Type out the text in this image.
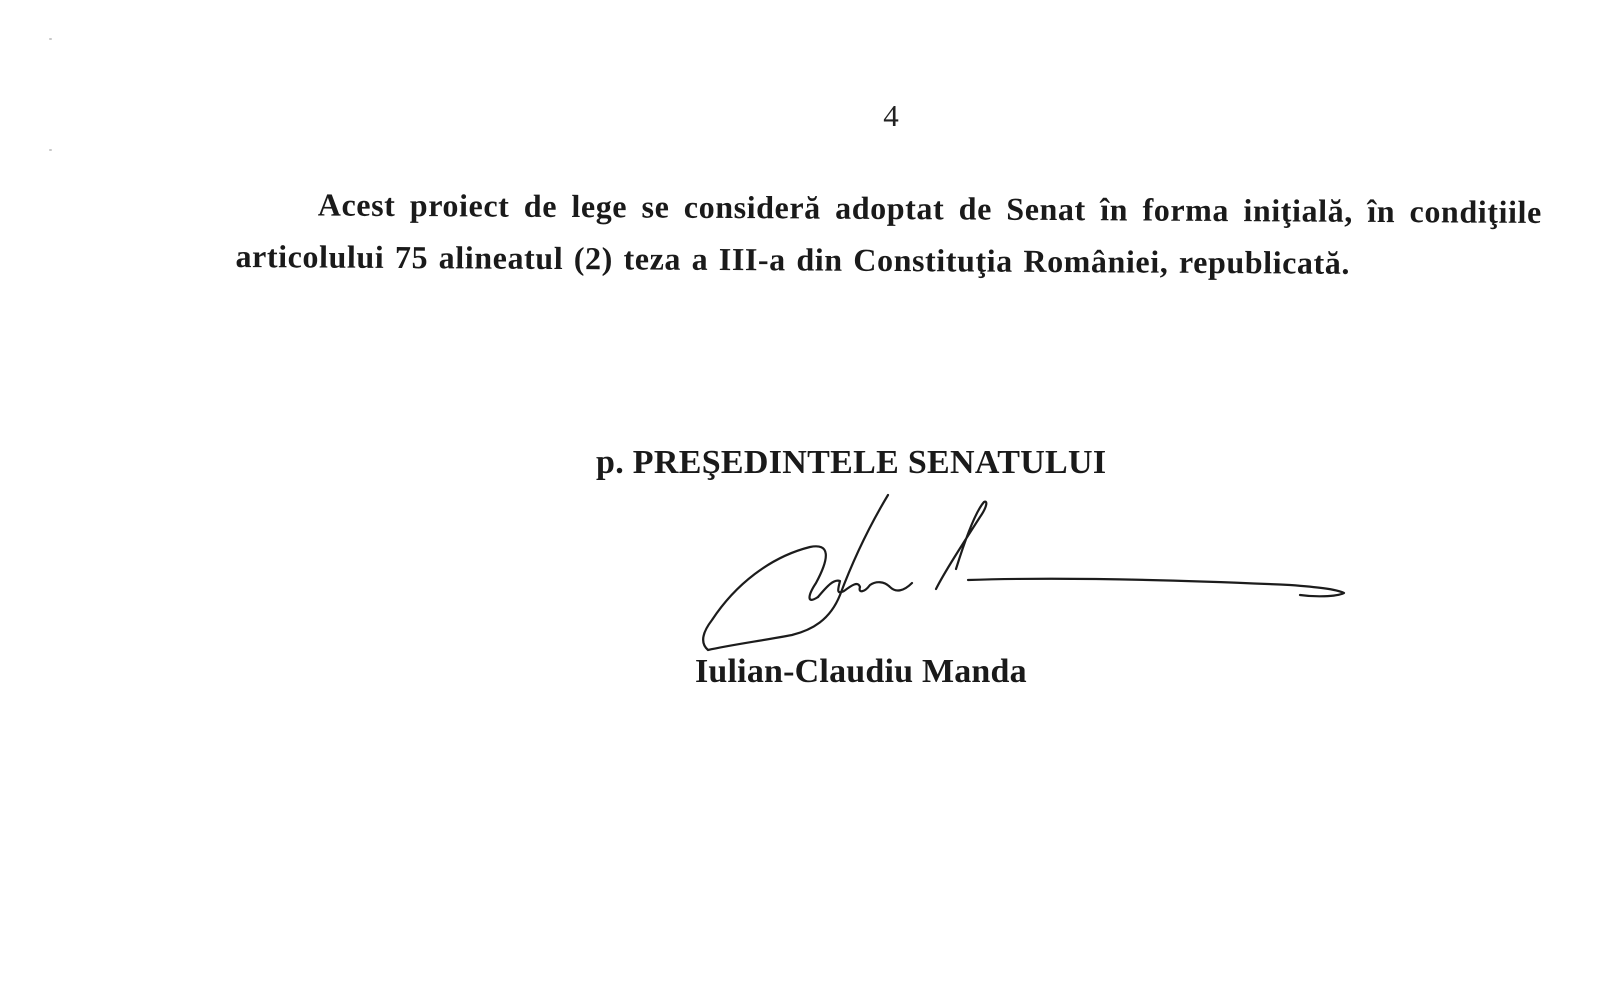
4

Acest proiect de lege se consideră adoptat de Senat în forma iniţială, în condiţiile articolului 75 alineatul (2) teza a III-a din Constituţia României, republicată.

p. PREŞEDINTELE SENATULUI
Iulian-Claudiu Manda
